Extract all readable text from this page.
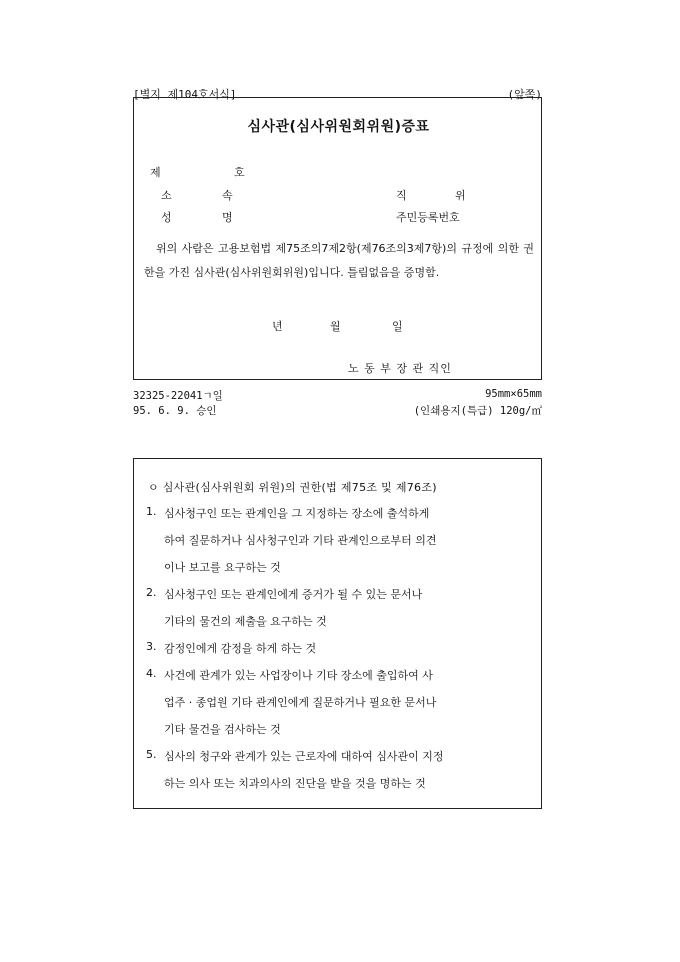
[별지 제104호서식]	(앞쪽)
심사관(심사위원회위원)증표
제	호
소	속	직	위
성	명	주민등록번호
위의 사람은 고용보험법 제75조의7제2항(제76조의3제7항)의 규정에 의한 권한을 가진 심사관(심사위원회위원)입니다. 틀림없음을 증명함.
년	월	일
노 동 부 장 관 직인
32325-22041ㄱ일	95mm×65mm
95. 6. 9. 승인	(인쇄용지(특급) 120g/㎡
ㅇ 심사관(심사위원회 위원)의 권한(법 제75조 및 제76조)
1. 심사청구인 또는 관계인을 그 지정하는 장소에 출석하게
하여 질문하거나 심사청구인과 기타 관계인으로부터 의견
이나 보고를 요구하는 것
2. 심사청구인 또는 관계인에게 증거가 될 수 있는 문서나
기타의 물건의 제출을 요구하는 것
3. 감정인에게 감정을 하게 하는 것
4. 사건에 관계가 있는 사업장이나 기타 장소에 출입하여 사
업주 · 종업원 기타 관계인에게 질문하거나 필요한 문서나
기타 물건을 검사하는 것
5. 심사의 청구와 관계가 있는 근로자에 대하여 심사관이 지정
하는 의사 또는 치과의사의 진단을 받을 것을 명하는 것
